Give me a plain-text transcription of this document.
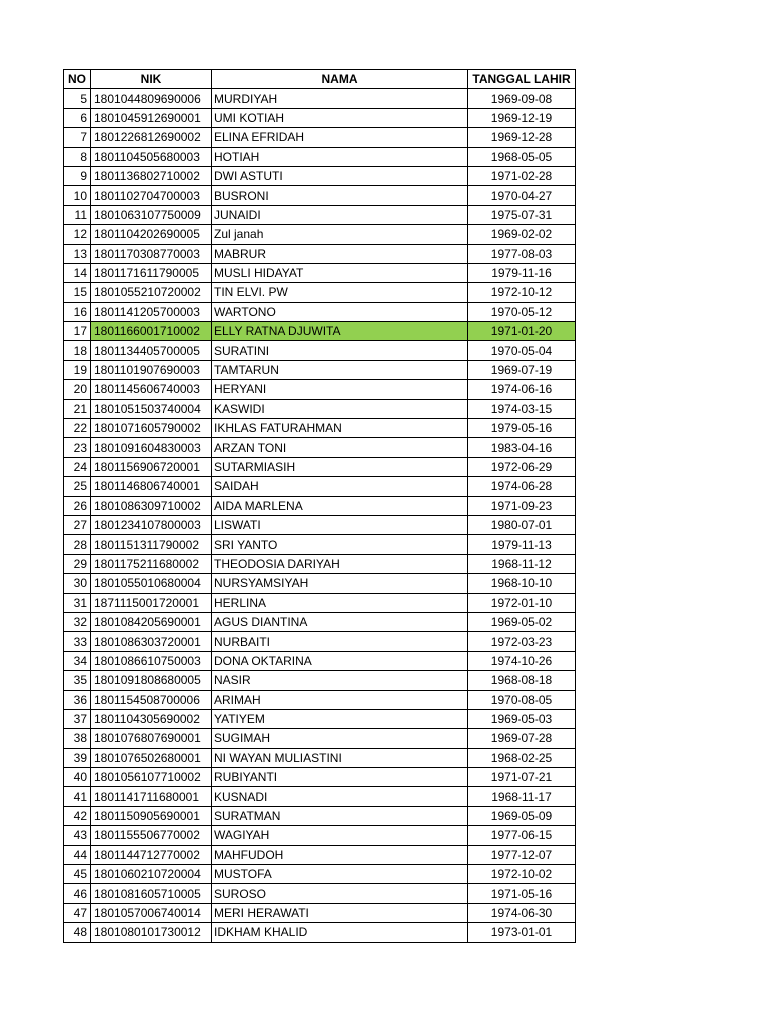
NO	NIK	NAMA	TANGGAL LAHIR
5	1801044809690006	MURDIYAH	1969-09-08
6	1801045912690001	UMI KOTIAH	1969-12-19
7	1801226812690002	ELINA EFRIDAH	1969-12-28
8	1801104505680003	HOTIAH	1968-05-05
9	1801136802710002	DWI ASTUTI	1971-02-28
10	1801102704700003	BUSRONI	1970-04-27
11	1801063107750009	JUNAIDI	1975-07-31
12	1801104202690005	Zul janah	1969-02-02
13	1801170308770003	MABRUR	1977-08-03
14	1801171611790005	MUSLI HIDAYAT	1979-11-16
15	1801055210720002	TIN ELVI. PW	1972-10-12
16	1801141205700003	WARTONO	1970-05-12
17	1801166001710002	ELLY RATNA DJUWITA	1971-01-20
18	1801134405700005	SURATINI	1970-05-04
19	1801101907690003	TAMTARUN	1969-07-19
20	1801145606740003	HERYANI	1974-06-16
21	1801051503740004	KASWIDI	1974-03-15
22	1801071605790002	IKHLAS FATURAHMAN	1979-05-16
23	1801091604830003	ARZAN TONI	1983-04-16
24	1801156906720001	SUTARMIASIH	1972-06-29
25	1801146806740001	SAIDAH	1974-06-28
26	1801086309710002	AIDA MARLENA	1971-09-23
27	1801234107800003	LISWATI	1980-07-01
28	1801151311790002	SRI YANTO	1979-11-13
29	1801175211680002	THEODOSIA DARIYAH	1968-11-12
30	1801055010680004	NURSYAMSIYAH	1968-10-10
31	1871115001720001	HERLINA	1972-01-10
32	1801084205690001	AGUS DIANTINA	1969-05-02
33	1801086303720001	NURBAITI	1972-03-23
34	1801086610750003	DONA OKTARINA	1974-10-26
35	1801091808680005	NASIR	1968-08-18
36	1801154508700006	ARIMAH	1970-08-05
37	1801104305690002	YATIYEM	1969-05-03
38	1801076807690001	SUGIMAH	1969-07-28
39	1801076502680001	NI WAYAN MULIASTINI	1968-02-25
40	1801056107710002	RUBIYANTI	1971-07-21
41	1801141711680001	KUSNADI	1968-11-17
42	1801150905690001	SURATMAN	1969-05-09
43	1801155506770002	WAGIYAH	1977-06-15
44	1801144712770002	MAHFUDOH	1977-12-07
45	1801060210720004	MUSTOFA	1972-10-02
46	1801081605710005	SUROSO	1971-05-16
47	1801057006740014	MERI HERAWATI	1974-06-30
48	1801080101730012	IDKHAM KHALID	1973-01-01
